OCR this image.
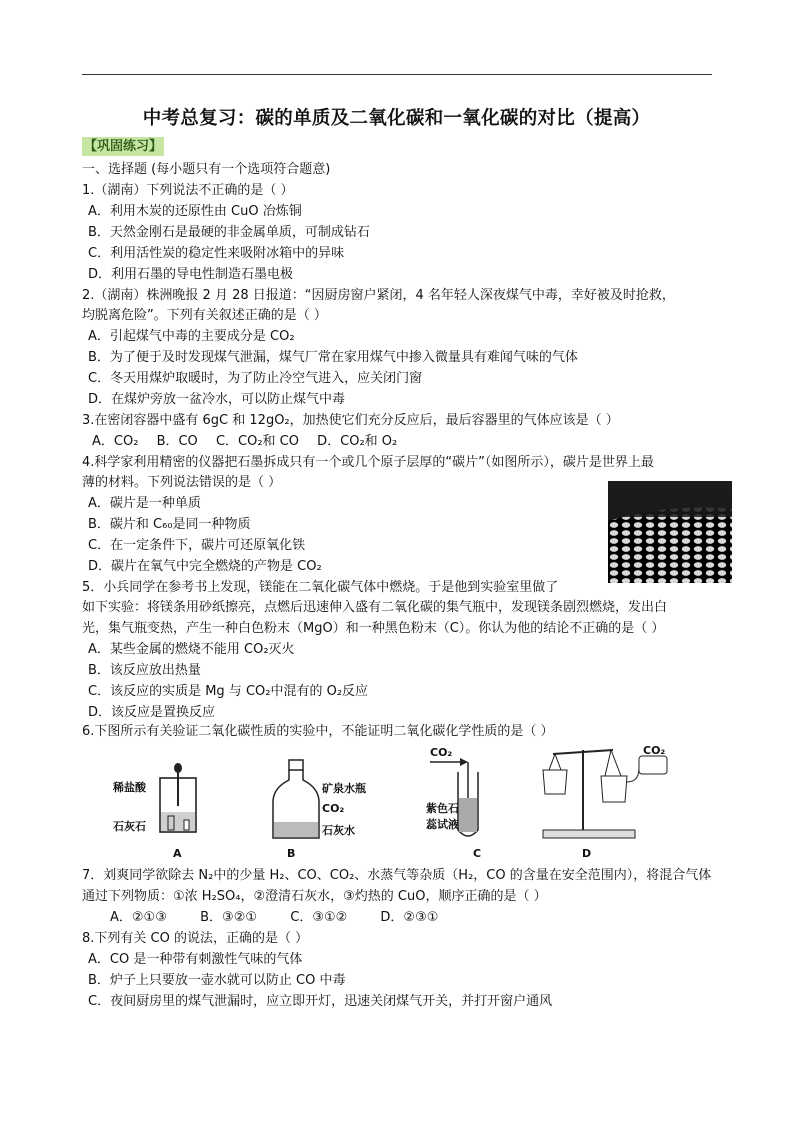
中考总复习：碳的单质及二氧化碳和一氧化碳的对比（提高）
【巩固练习】
一、选择题 (每小题只有一个选项符合题意)
1.（湖南）下列说法不正确的是（ ）
A．利用木炭的还原性由 CuO 冶炼铜
B．天然金刚石是最硬的非金属单质，可制成钻石
C．利用活性炭的稳定性来吸附冰箱中的异味
D．利用石墨的导电性制造石墨电极
2.（湖南）株洲晚报 2 月 28 日报道：“因厨房窗户紧闭，4 名年轻人深夜煤气中毒，幸好被及时抢救，
均脱离危险”。下列有关叙述正确的是（ ）
A．引起煤气中毒的主要成分是 CO₂
B．为了便于及时发现煤气泄漏，煤气厂常在家用煤气中掺入微量具有难闻气味的气体
C．冬天用煤炉取暖时，为了防止冷空气进入，应关闭门窗
D．在煤炉旁放一盆冷水，可以防止煤气中毒
3.在密闭容器中盛有 6gC 和 12gO₂，加热使它们充分反应后，最后容器里的气体应该是（ ）
A．CO₂ B．CO C．CO₂和 CO D．CO₂和 O₂
4.科学家利用精密的仪器把石墨拆成只有一个或几个原子层厚的“碳片”（如图所示），碳片是世界上最
薄的材料。下列说法错误的是（ ）
A．碳片是一种单质
B．碳片和 C₆₀是同一种物质
C．在一定条件下，碳片可还原氧化铁
D．碳片在氧气中完全燃烧的产物是 CO₂
5．小兵同学在参考书上发现，镁能在二氧化碳气体中燃烧。于是他到实验室里做了
如下实验：将镁条用砂纸擦亮，点燃后迅速伸入盛有二氧化碳的集气瓶中，发现镁条剧烈燃烧，发出白
光，集气瓶变热，产生一种白色粉末（MgO）和一种黑色粉末（C）。你认为他的结论不正确的是（ ）
A．某些金属的燃烧不能用 CO₂灭火
B．该反应放出热量
C．该反应的实质是 Mg 与 CO₂中混有的 O₂反应
D．该反应是置换反应
6.下图所示有关验证二氧化碳性质的实验中，不能证明二氧化碳化学性质的是（ ）
稀盐酸
石灰石
A
矿泉水瓶
CO₂
石灰水
B
CO₂
紫色石
蕊试液
C
CO₂
D
7．刘爽同学欲除去 N₂中的少量 H₂、CO、CO₂、水蒸气等杂质（H₂，CO 的含量在安全范围内），将混合气体
通过下列物质：①浓 H₂SO₄，②澄清石灰水，③灼热的 CuO，顺序正确的是（ ）
A．②①③	B．③②①	C．③①②	D．②③①
8.下列有关 CO 的说法，正确的是（ ）
A．CO 是一种带有刺激性气味的气体
B．炉子上只要放一壶水就可以防止 CO 中毒
C．夜间厨房里的煤气泄漏时，应立即开灯，迅速关闭煤气开关，并打开窗户通风
